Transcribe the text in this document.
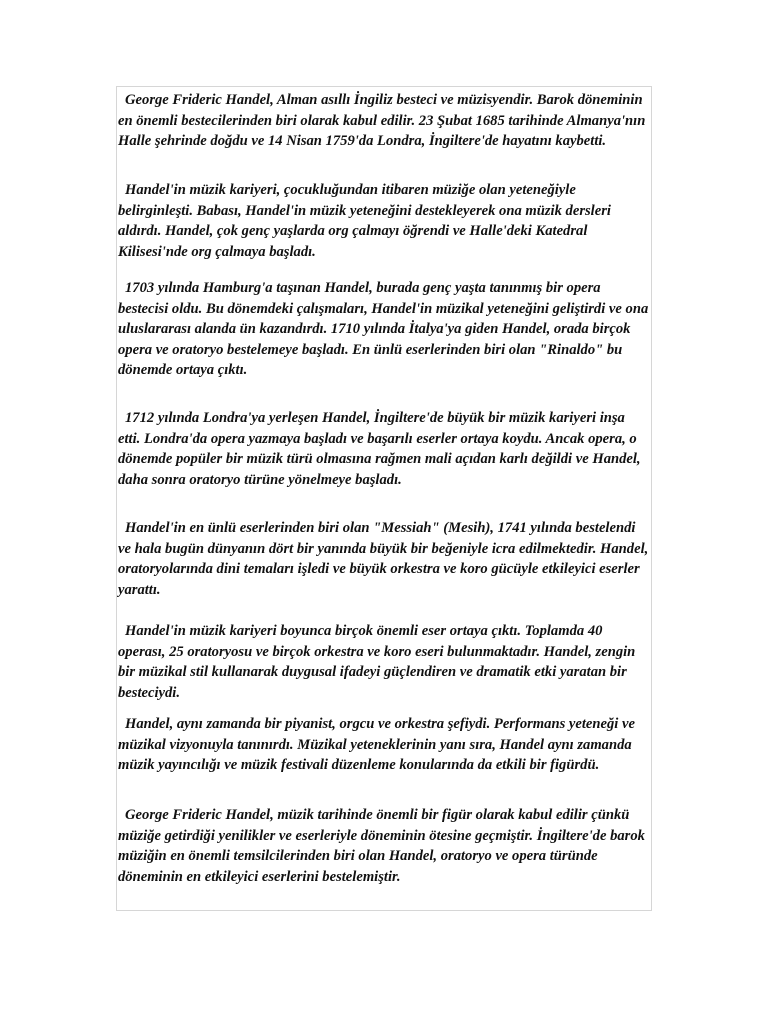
George Frideric Handel, Alman asıllı İngiliz besteci ve müzisyendir. Barok döneminin en önemli bestecilerinden biri olarak kabul edilir. 23 Şubat 1685 tarihinde Almanya'nın Halle şehrinde doğdu ve 14 Nisan 1759'da Londra, İngiltere'de hayatını kaybetti.

Handel'in müzik kariyeri, çocukluğundan itibaren müziğe olan yeteneğiyle belirginleşti. Babası, Handel'in müzik yeteneğini destekleyerek ona müzik dersleri aldırdı. Handel, çok genç yaşlarda org çalmayı öğrendi ve Halle'deki Katedral Kilisesi'nde org çalmaya başladı.

1703 yılında Hamburg'a taşınan Handel, burada genç yaşta tanınmış bir opera bestecisi oldu. Bu dönemdeki çalışmaları, Handel'in müzikal yeteneğini geliştirdi ve ona uluslararası alanda ün kazandırdı. 1710 yılında İtalya'ya giden Handel, orada birçok opera ve oratoryo bestelemeye başladı. En ünlü eserlerinden biri olan "Rinaldo" bu dönemde ortaya çıktı.

1712 yılında Londra'ya yerleşen Handel, İngiltere'de büyük bir müzik kariyeri inşa etti. Londra'da opera yazmaya başladı ve başarılı eserler ortaya koydu. Ancak opera, o dönemde popüler bir müzik türü olmasına rağmen mali açıdan karlı değildi ve Handel, daha sonra oratoryo türüne yönelmeye başladı.

Handel'in en ünlü eserlerinden biri olan "Messiah" (Mesih), 1741 yılında bestelendi ve hala bugün dünyanın dört bir yanında büyük bir beğeniyle icra edilmektedir. Handel, oratoryolarında dini temaları işledi ve büyük orkestra ve koro gücüyle etkileyici eserler yarattı.

Handel'in müzik kariyeri boyunca birçok önemli eser ortaya çıktı. Toplamda 40 operası, 25 oratoryosu ve birçok orkestra ve koro eseri bulunmaktadır. Handel, zengin bir müzikal stil kullanarak duygusal ifadeyi güçlendiren ve dramatik etki yaratan bir besteciydi.

Handel, aynı zamanda bir piyanist, orgcu ve orkestra şefiydi. Performans yeteneği ve müzikal vizyonuyla tanınırdı. Müzikal yeteneklerinin yanı sıra, Handel aynı zamanda müzik yayıncılığı ve müzik festivali düzenleme konularında da etkili bir figürdü.

George Frideric Handel, müzik tarihinde önemli bir figür olarak kabul edilir çünkü müziğe getirdiği yenilikler ve eserleriyle döneminin ötesine geçmiştir. İngiltere'de barok müziğin en önemli temsilcilerinden biri olan Handel, oratoryo ve opera türünde döneminin en etkileyici eserlerini bestelemiştir.
